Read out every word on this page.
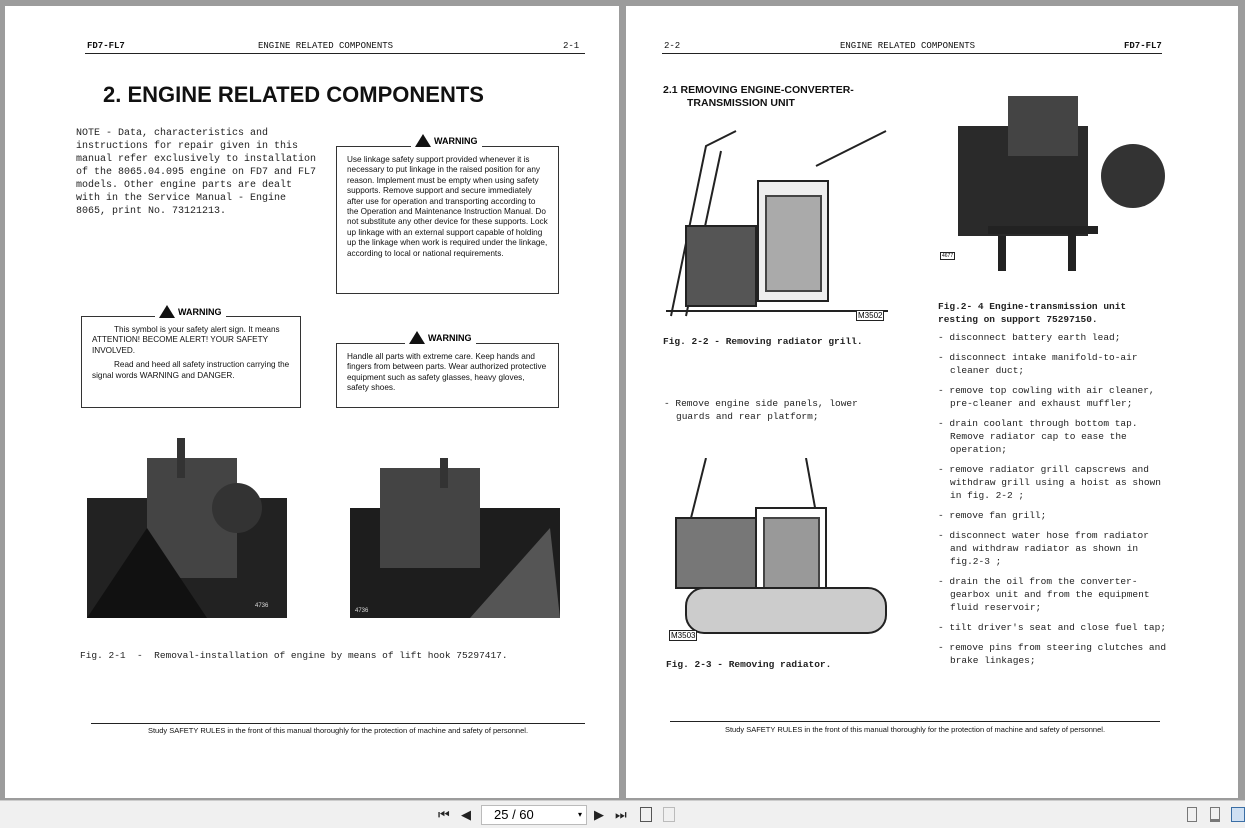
FD7-FL7	ENGINE RELATED COMPONENTS	2-1
2. ENGINE RELATED COMPONENTS
NOTE - Data, characteristics and instructions for repair given in this manual refer exclusively to installation of the 8065.04.095 engine on FD7 and FL7 models. Other engine parts are dealt with in the Service Manual - Engine 8065, print No. 73121213.
Use linkage safety support provided whenever it is necessary to put linkage in the raised position for any reason. Implement must be empty when using safety supports. Remove support and secure immediately after use for operation and transporting according to the Operation and Maintenance Instruction Manual. Do not substitute any other device for these supports. Lock up linkage with an external support capable of holding up the linkage when work is required under the linkage, according to local or national requirements.
WARNING

This symbol is your safety alert sign. It means ATTENTION! BECOME ALERT! YOUR SAFETY INVOLVED.

Read and heed all safety instruction carrying the signal words WARNING and DANGER.

WARNING
Handle all parts with extreme care. Keep hands and fingers from between parts. Wear authorized protective equipment such as safety glasses, heavy gloves, safety shoes.
WARNING
4736
4736
Fig. 2-1  -  Removal-installation of engine by means of lift hook 75297417.
Study SAFETY RULES in the front of this manual thoroughly for the protection of machine and safety of personnel.
2-2	ENGINE RELATED COMPONENTS	FD7-FL7
2.1 REMOVING ENGINE-CONVERTER-
TRANSMISSION UNIT
M3502
Fig. 2-2 - Removing radiator grill.
- Remove engine side panels, lower guards and rear platform;
M3503
Fig. 2-3 - Removing radiator.
4677
Fig.2- 4 Engine-transmission unit resting on support 75297150.
- disconnect battery earth lead;
- disconnect intake manifold-to-air cleaner duct;
- remove top cowling with air cleaner, pre-cleaner and exhaust muffler;
- drain coolant through bottom tap. Remove radiator cap to ease the operation;
- remove radiator grill capscrews and withdraw grill using a hoist as shown in fig. 2-2 ;
- remove fan grill;
- disconnect water hose from radiator and withdraw radiator as shown in fig.2-3 ;
- drain the oil from the converter-gearbox unit and from the equipment fluid reservoir;
- tilt driver's seat and close fuel tap;
- remove pins from steering clutches and brake linkages;
Study SAFETY RULES in the front of this manual thoroughly for the protection of machine and safety of personnel.
⏮ ◀	25 / 60	▾ ▶ ⏭
